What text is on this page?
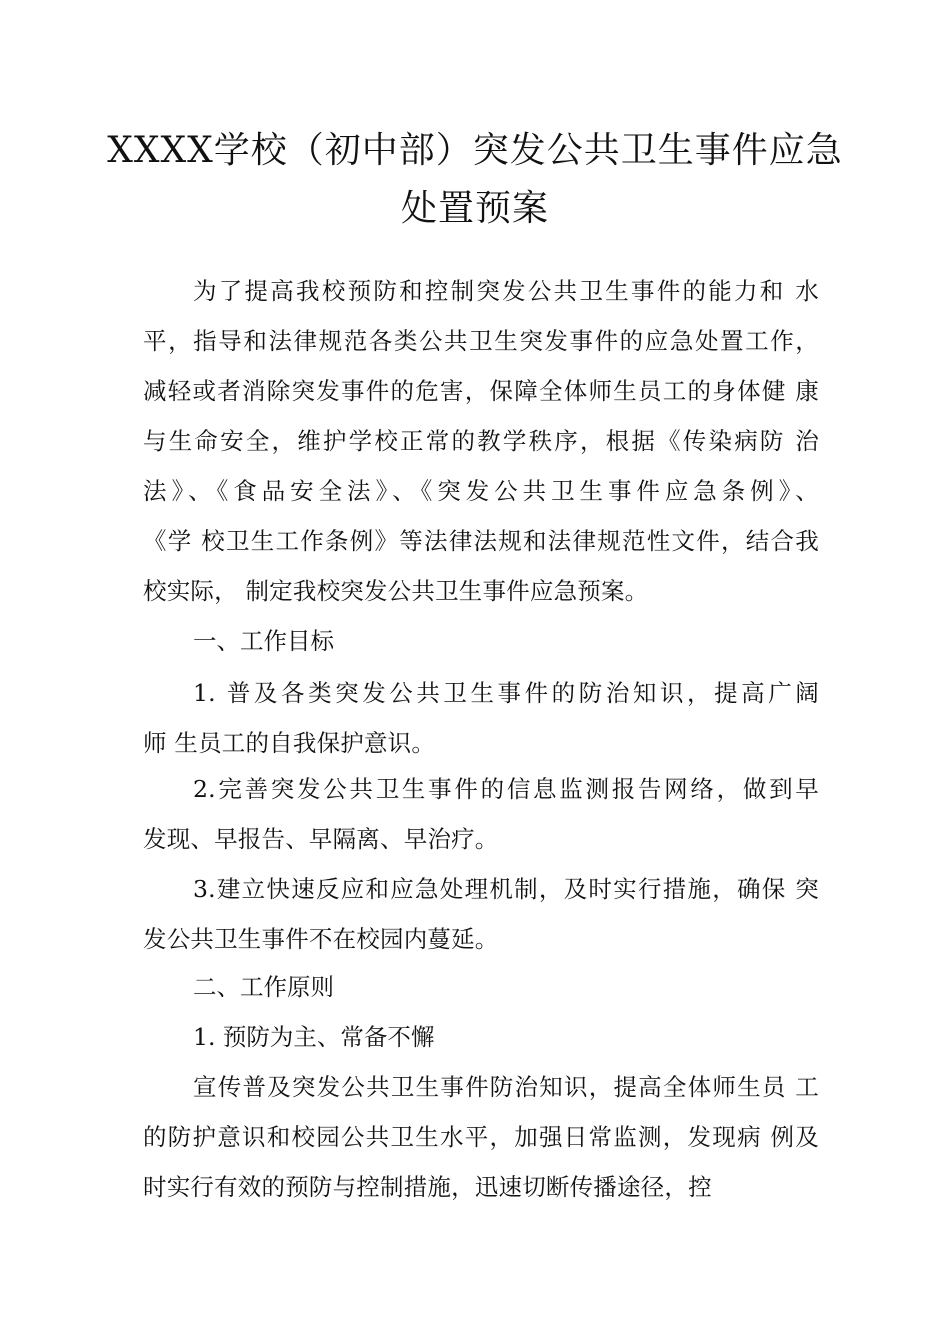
XXXX学校（初中部）突发公共卫生事件应急
处置预案
为了提高我校预防和控制突发公共卫生事件的能力和 水
平，指导和法律规范各类公共卫生突发事件的应急处置工作，
减轻或者消除突发事件的危害，保障全体师生员工的身体健 康
与生命安全，维护学校正常的教学秩序，根据《传染病防 治
法》、《食品安全法》、《突发公共卫生事件应急条例》、
《学 校卫生工作条例》等法律法规和法律规范性文件，结合我
校实际， 制定我校突发公共卫生事件应急预案。
一、工作目标
1. 普及各类突发公共卫生事件的防治知识，提高广阔
师 生员工的自我保护意识。
2.完善突发公共卫生事件的信息监测报告网络，做到早
发现、早报告、早隔离、早治疗。
3.建立快速反应和应急处理机制，及时实行措施，确保 突
发公共卫生事件不在校园内蔓延。
二、工作原则
1. 预防为主、常备不懈
宣传普及突发公共卫生事件防治知识，提高全体师生员 工
的防护意识和校园公共卫生水平，加强日常监测，发现病 例及
时实行有效的预防与控制措施，迅速切断传播途径，控
